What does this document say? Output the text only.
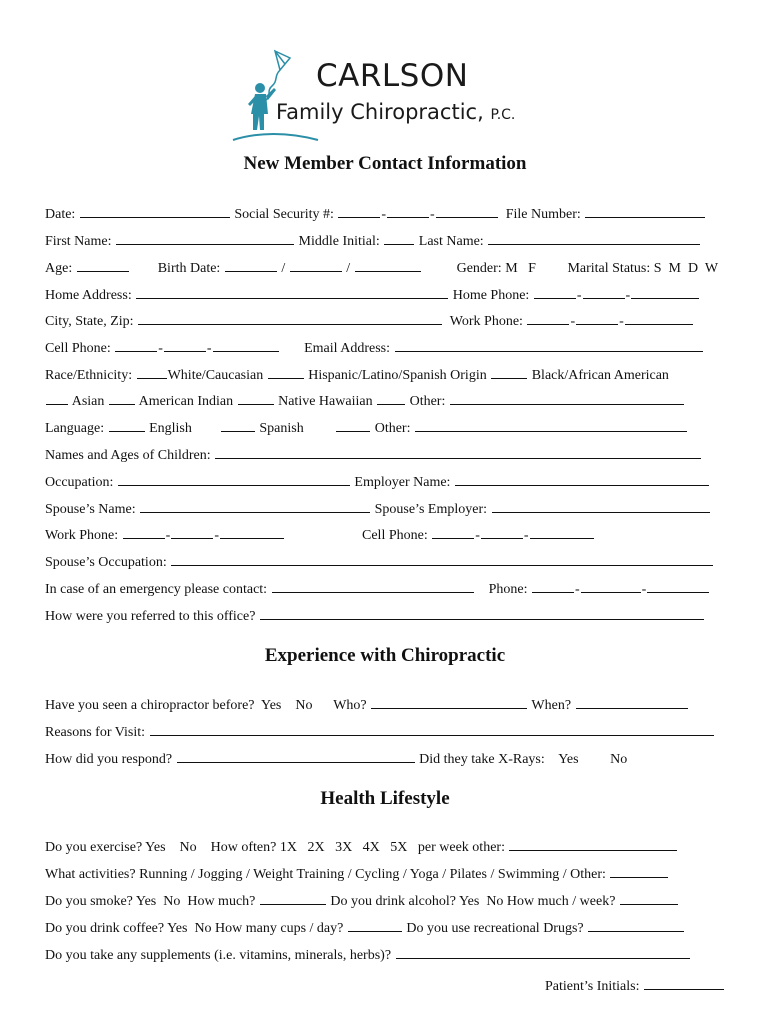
CARLSON
Family Chiropractic, P.C.
New Member Contact Information

Date:	Social Security #:	-	-	File Number:

First Name:	Middle Initial:	Last Name:

Age:	Birth Date:	/	/	Gender: M   F Marital Status: S  M  D  W

Home Address:	Home Phone:	-	-

City, State, Zip:	Work Phone:	-	-

Cell Phone:	-	-	Email Address:

Race/Ethnicity:	White/Caucasian	Hispanic/Latino/Spanish Origin	Black/African American

Asian American Indian	Native Hawaiian	Other:

Language:	English	Spanish	Other:

Names and Ages of Children:

Occupation:	Employer Name:

Spouse’s Name:	Spouse’s Employer:

Work Phone:	-	-	Cell Phone:	-	-

Spouse’s Occupation:

In case of an emergency please contact:	Phone:	-	-

How were you referred to this office?

Experience with Chiropractic

Have you seen a chiropractor before?  Yes    No Who?	When?

Reasons for Visit:

How did you respond?	Did they take X-Rays:    Yes         No

Health Lifestyle

Do you exercise? Yes    No    How often? 1X   2X   3X   4X   5X   per week other:

What activities? Running / Jogging / Weight Training / Cycling / Yoga / Pilates / Swimming / Other:

Do you smoke? Yes  No  How much?	Do you drink alcohol? Yes  No How much / week?

Do you drink coffee? Yes  No How many cups / day?	Do you use recreational Drugs?

Do you take any supplements (i.e. vitamins, minerals, herbs)?

Patient’s Initials:
